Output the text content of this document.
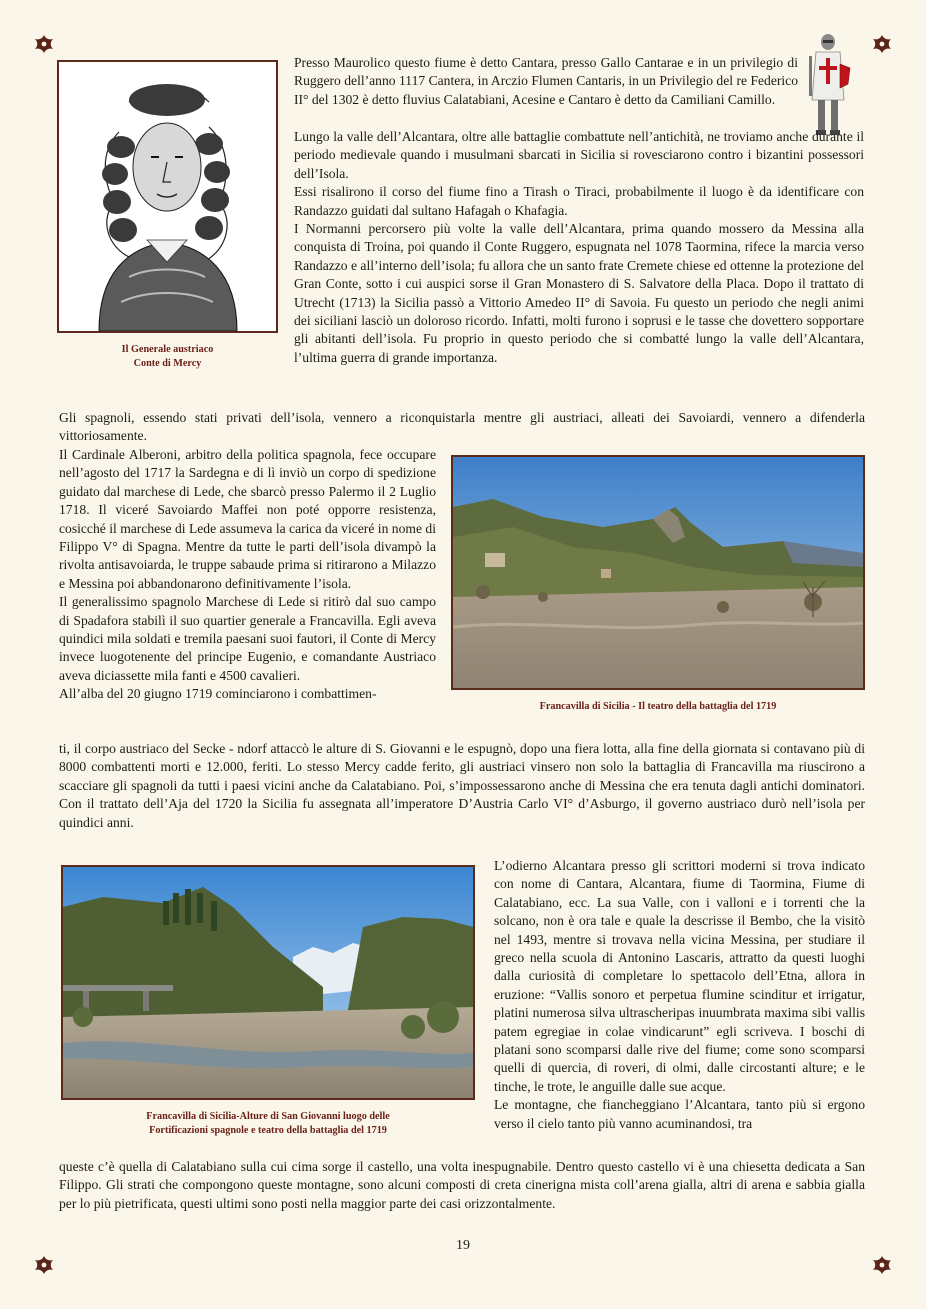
Il Generale austriaco
Conte di Mercy

Presso Maurolico questo fiume è detto Cantara, presso Gallo Cantarae e in un privilegio di Ruggero dell’anno 1117 Cantera, in Arczio Flumen Cantaris, in un Privilegio del re Federico II° del 1302 è detto fluvius Calatabiani, Acesine e Cantaro è detto da Camiliani Camillo.

Lungo la valle dell’Alcantara, oltre alle battaglie combattute nell’antichità, ne troviamo anche durante il periodo medievale quando i musulmani sbarcati in Sicilia si rovesciarono contro i bizantini possessori dell’Isola.

Essi risalirono il corso del fiume fino a Tirash o Tiraci, probabilmente il luogo è da identificare con Randazzo guidati dal sultano Hafagah o Khafagia.

I Normanni percorsero più volte la valle dell’Alcantara, prima quando mossero da Messina alla conquista di Troina, poi quando il Conte Ruggero, espugnata nel 1078 Taormina, rifece la marcia verso Randazzo e all’interno dell’isola; fu allora che un santo frate Cremete chiese ed ottenne la protezione del Gran Conte, sotto i cui auspici sorse il Gran Monastero di S. Salvatore della Placa. Dopo il trattato di Utrecht (1713) la Sicilia passò a Vittorio Amedeo II° di Savoia. Fu questo un periodo che negli animi dei siciliani lasciò un doloroso ricordo. Infatti, molti furono i soprusi e le tasse che dovettero sopportare gli abitanti dell’isola. Fu proprio in questo periodo che si combatté lungo la valle dell’Alcantara, l’ultima guerra di grande importanza.

Gli spagnoli, essendo stati privati dell’isola, vennero a riconquistarla mentre gli austriaci, alleati dei Savoiardi, vennero a difenderla vittoriosamente.

Il Cardinale Alberoni, arbitro della politica spagnola, fece occupare nell’agosto del 1717 la Sardegna e di lì inviò un corpo di spedizione guidato dal marchese di Lede, che sbarcò presso Palermo il 2 Luglio 1718. Il viceré Savoiardo Maffei non poté opporre resistenza, cosicché il marchese di Lede assumeva la carica da viceré in nome di Filippo V° di Spagna. Mentre da tutte le parti dell’isola divampò la rivolta antisavoiarda, le truppe sabaude prima si ritirarono a Milazzo e Messina poi abbandonarono definitivamente l’isola.

Il generalissimo spagnolo Marchese di Lede si ritirò dal suo campo di Spadafora stabilì il suo quartier generale a Francavilla. Egli aveva quindici mila soldati e tremila paesani suoi fautori, il Conte di Mercy invece luogotenente del principe Eugenio, e comandante Austriaco aveva diciassette mila fanti e 4500 cavalieri.

All’alba del 20 giugno 1719 cominciarono i combattimen-

Francavilla di Sicilia - Il teatro della battaglia del 1719

ti, il corpo austriaco del Secke - ndorf attaccò le alture di S. Giovanni e le espugnò, dopo una fiera lotta, alla fine della giornata si contavano più di 8000 combattenti morti e 12.000, feriti. Lo stesso Mercy cadde ferito, gli austriaci vinsero non solo la battaglia di Francavilla ma riuscirono a scacciare gli spagnoli da tutti i paesi vicini anche da Calatabiano. Poi, s’impossessarono anche di Messina che era tenuta dagli antichi dominatori. Con il trattato dell’Aja del 1720 la Sicilia fu assegnata all’imperatore D’Austria Carlo VI° d’Asburgo, il governo austriaco durò nell’isola per quindici anni.

Francavilla di Sicilia-Alture di San Giovanni luogo delle
Fortificazioni spagnole e teatro della battaglia del 1719

L’odierno Alcantara presso gli scrittori moderni si trova indicato con nome di Cantara, Alcantara, fiume di Taormina, Fiume di Calatabiano, ecc. La sua Valle, con i valloni e i torrenti che la solcano, non è ora tale e quale la descrisse il Bembo, che la visitò nel 1493, mentre si trovava nella vicina Messina, per studiare il greco nella scuola di Antonino Lascaris, attratto da questi luoghi dalla curiosità di completare lo spettacolo dell’Etna, allora in eruzione: “Vallis sonoro et perpetua flumine scinditur et irrigatur, platini numerosa silva ultrascheripas inuumbrata maxima sibi vallis patem egregiae in colae vindicarunt” egli scriveva. I boschi di platani sono scomparsi dalle rive del fiume; come sono scomparsi quelli di quercia, di roveri, di olmi, dalle circostanti alture; e le tinche, le trote, le anguille dalle sue acque.

Le montagne, che fiancheggiano l’Alcantara, tanto più si ergono verso il cielo tanto più vanno acuminandosi, tra

queste c’è quella di Calatabiano sulla cui cima sorge il castello, una volta inespugnabile. Dentro questo castello vi è una chiesetta dedicata a San Filippo. Gli strati che compongono queste montagne, sono alcuni composti di creta cinerigna mista coll’arena gialla, altri di arena e sabbia gialla per lo più pietrificata, questi ultimi sono posti nella maggior parte dei casi orizzontalmente.

19
